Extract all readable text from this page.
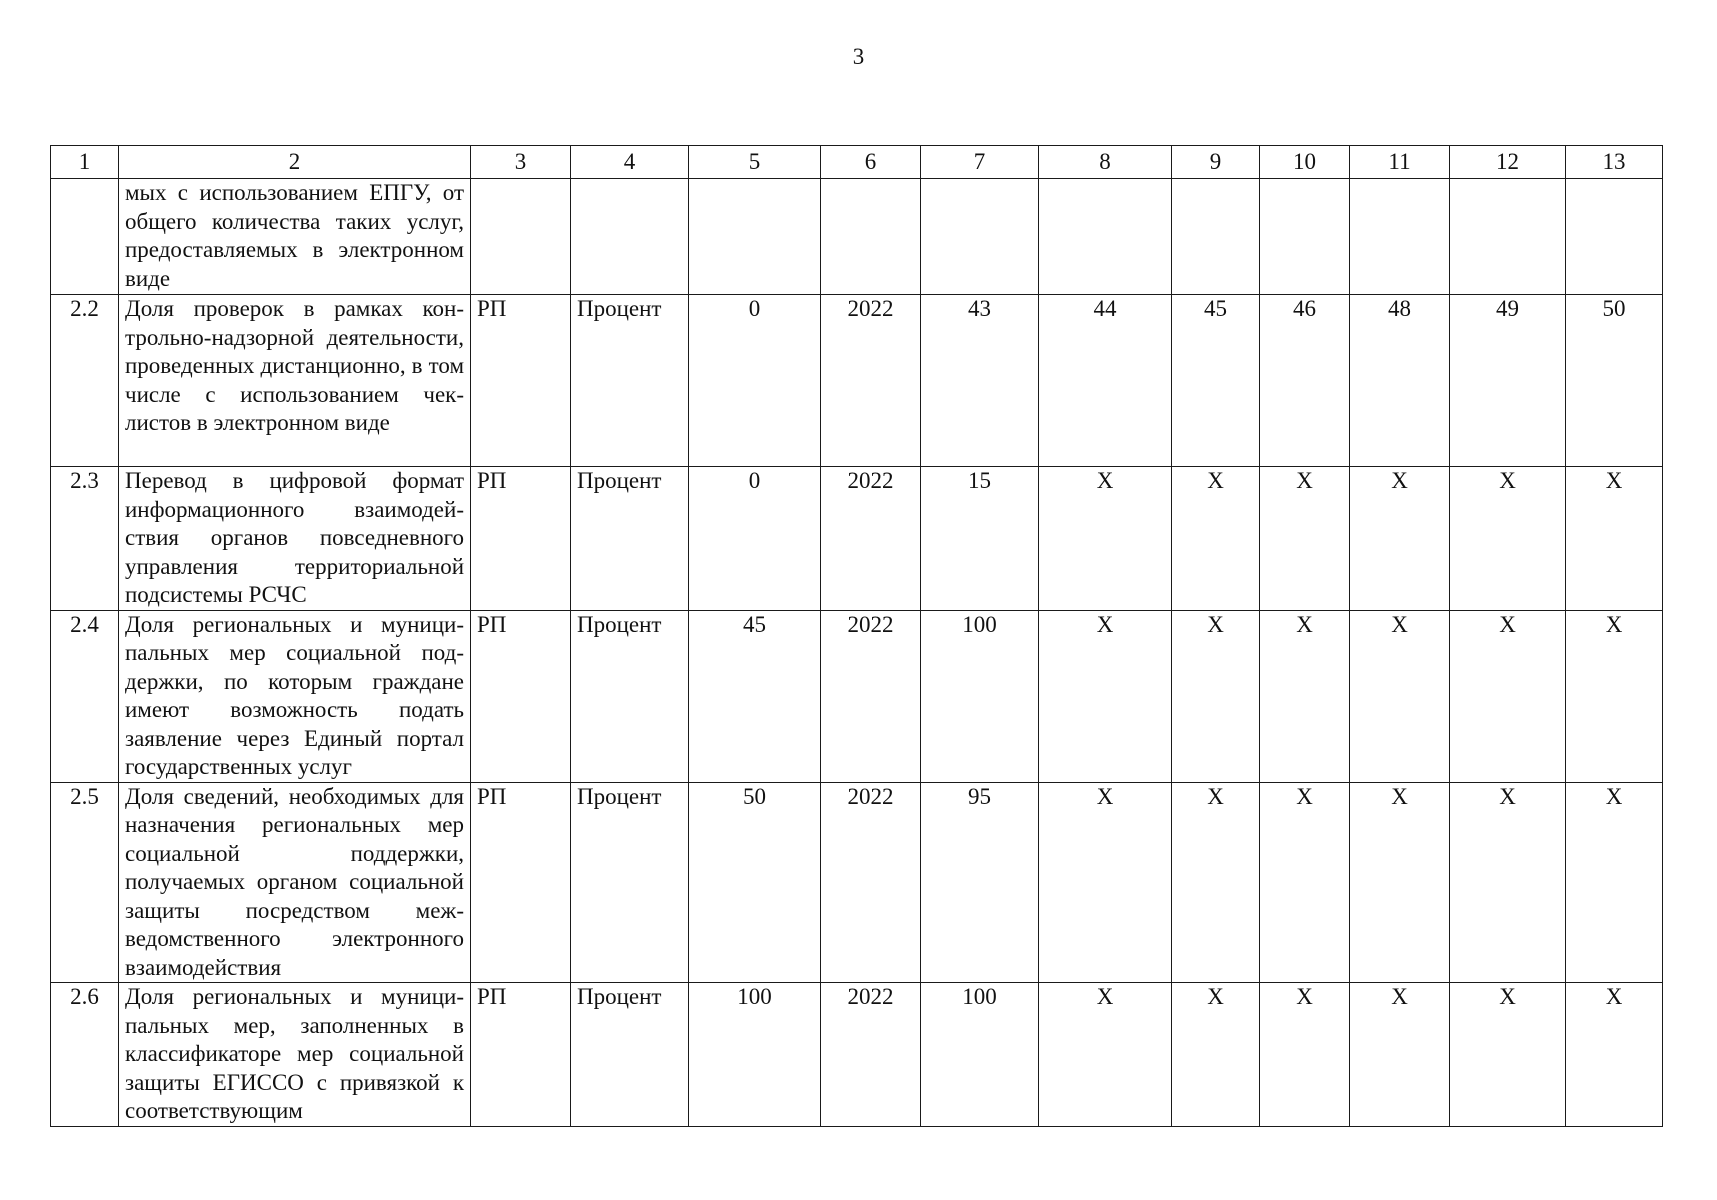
3
1	2	3	4	5	6	7	8	9	10	11	12	13
	мых с использованием ЕПГУ, от общего количества таких услуг, предоставляемых в электронном виде											
2.2	Доля проверок в рамках контрольно-надзорной деятельности, проведенных дистанционно, в том числе с использованием чек-листов в электронном виде	РП	Процент	0	2022	43	44	45	46	48	49	50
2.3	Перевод в цифровой формат информационного взаимодействия органов повседневного управления территориальной подсистемы РСЧС	РП	Процент	0	2022	15	Х	Х	Х	Х	Х	Х
2.4	Доля региональных и муниципальных мер социальной поддержки, по которым граждане имеют возможность подать заявление через Единый портал государственных услуг	РП	Процент	45	2022	100	Х	Х	Х	Х	Х	Х
2.5	Доля сведений, необходимых для назначения региональных мер социальной поддержки, получаемых органом социальной защиты посредством межведомственного электронного взаимодействия	РП	Процент	50	2022	95	Х	Х	Х	Х	Х	Х
2.6	Доля региональных и муниципальных мер, заполненных в классификаторе мер социальной защиты ЕГИССО с привязкой к соответствующим	РП	Процент	100	2022	100	Х	Х	Х	Х	Х	Х
